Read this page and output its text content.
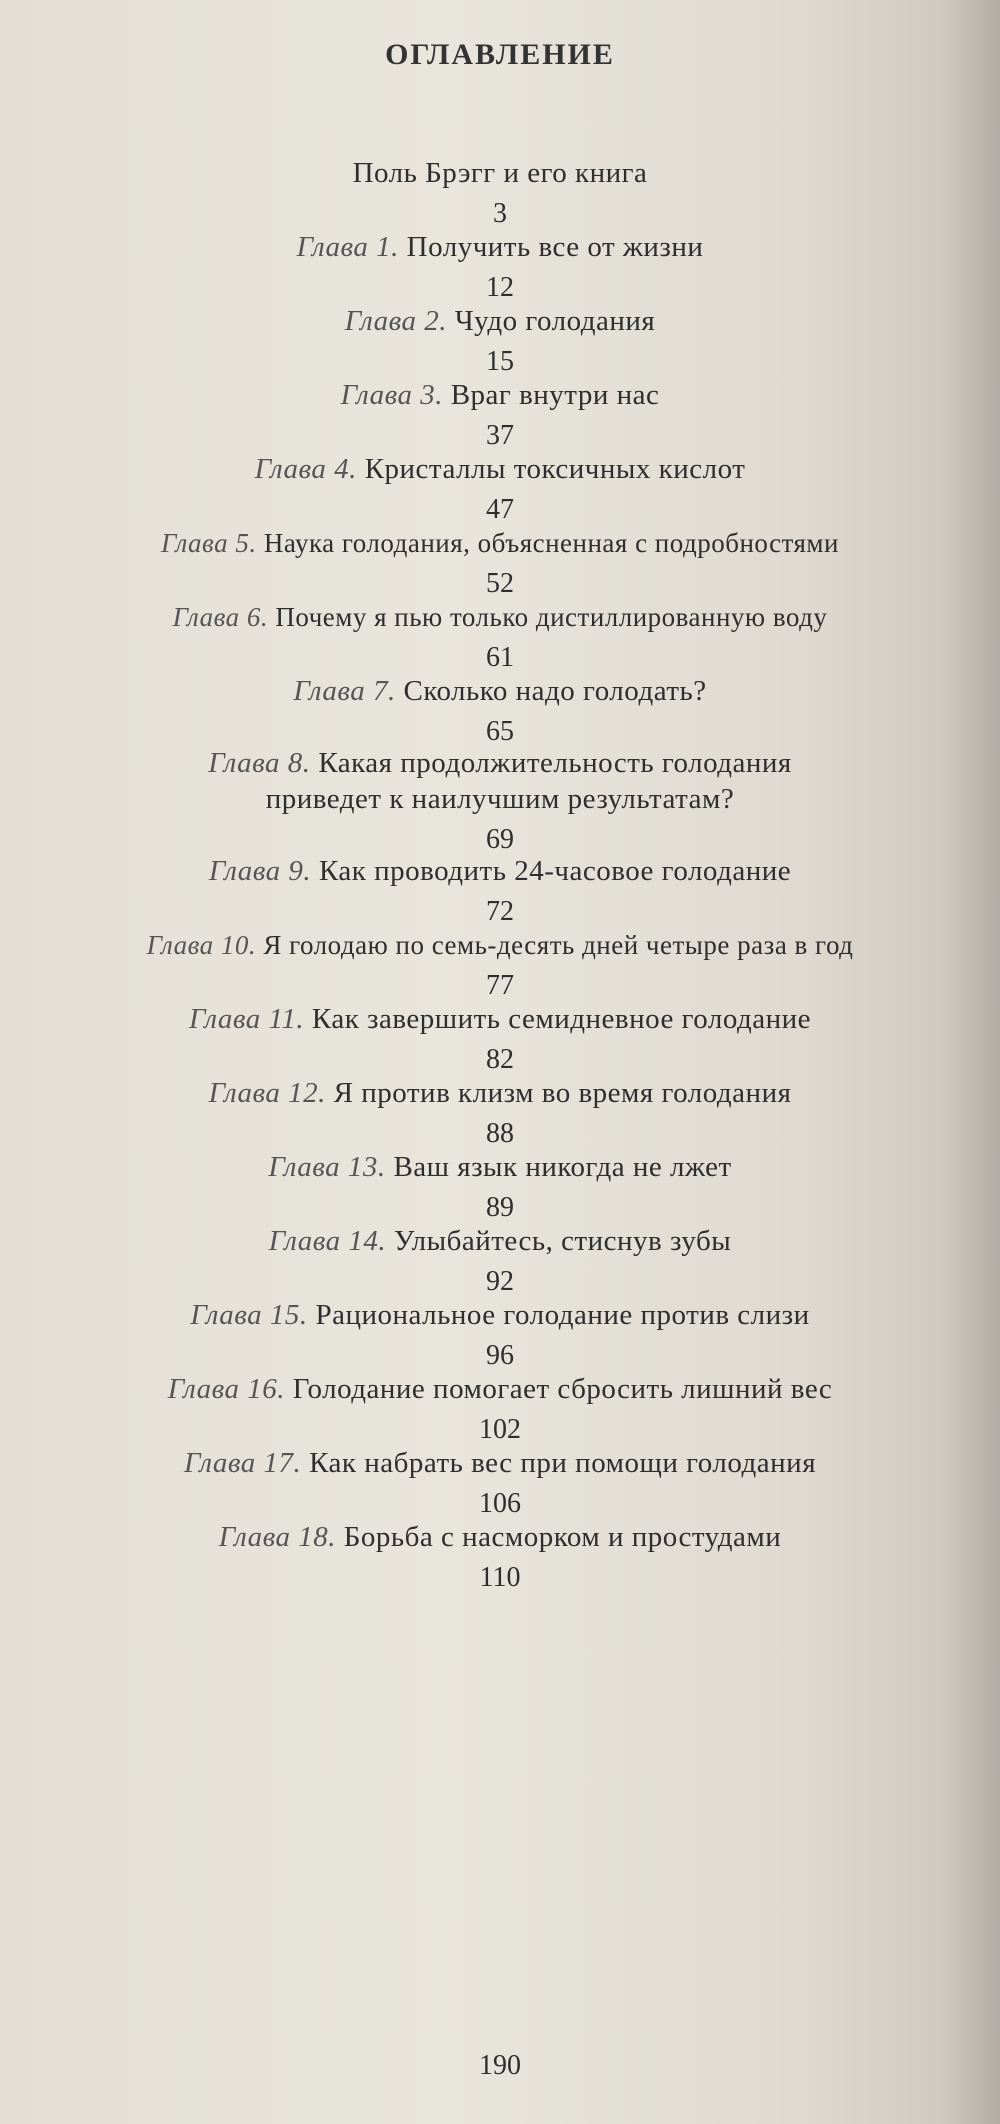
ОГЛАВЛЕНИЕ
Поль Брэгг и его книга
3
Глава 1. Получить все от жизни
12
Глава 2. Чудо голодания
15
Глава 3. Враг внутри нас
37
Глава 4. Кристаллы токсичных кислот
47
Глава 5. Наука голодания, объясненная с подробностями
52
Глава 6. Почему я пью только дистиллированную воду
61
Глава 7. Сколько надо голодать?
65
Глава 8. Какая продолжительность голодания
приведет к наилучшим результатам?
69
Глава 9. Как проводить 24-часовое голодание
72
Глава 10. Я голодаю по семь-десять дней четыре раза в год
77
Глава 11. Как завершить семидневное голодание
82
Глава 12. Я против клизм во время голодания
88
Глава 13. Ваш язык никогда не лжет
89
Глава 14. Улыбайтесь, стиснув зубы
92
Глава 15. Рациональное голодание против слизи
96
Глава 16. Голодание помогает сбросить лишний вес
102
Глава 17. Как набрать вес при помощи голодания
106
Глава 18. Борьба с насморком и простудами
110
190
